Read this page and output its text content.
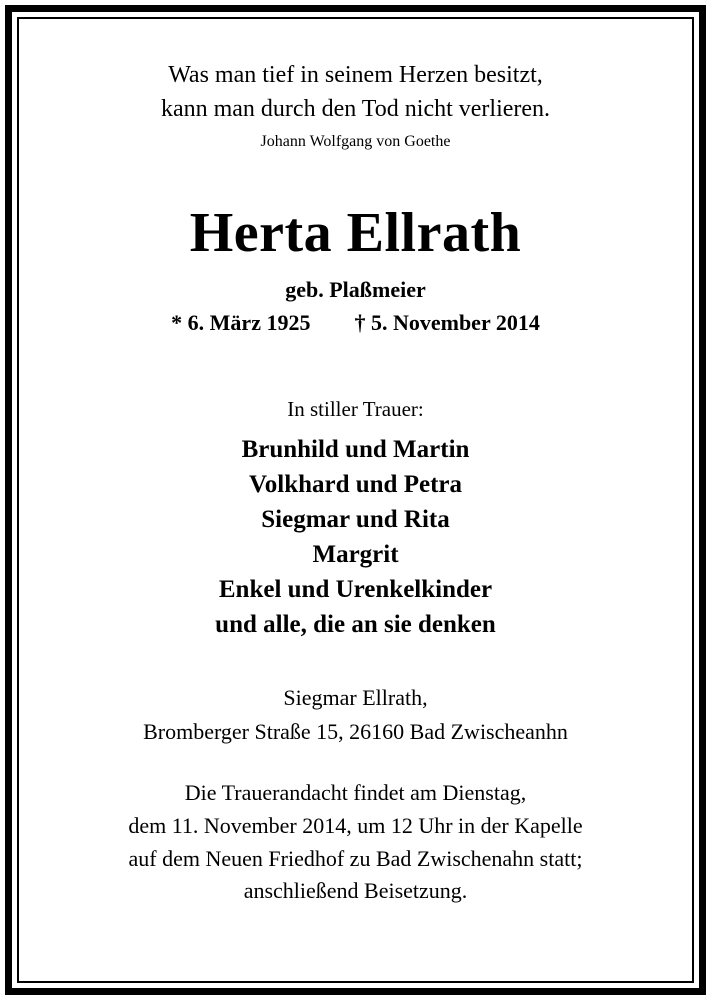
Was man tief in seinem Herzen besitzt,

kann man durch den Tod nicht verlieren.

Johann Wolfgang von Goethe

Herta Ellrath

geb. Plaßmeier

* 6. März 1925 † 5. November 2014

In stiller Trauer:

Brunhild und Martin

Volkhard und Petra

Siegmar und Rita

Margrit

Enkel und Urenkelkinder

und alle, die an sie denken

Siegmar Ellrath,

Bromberger Straße 15, 26160 Bad Zwischeanhn

Die Trauerandacht findet am Dienstag,

dem 11. November 2014, um 12 Uhr in der Kapelle

auf dem Neuen Friedhof zu Bad Zwischenahn statt;

anschließend Beisetzung.
